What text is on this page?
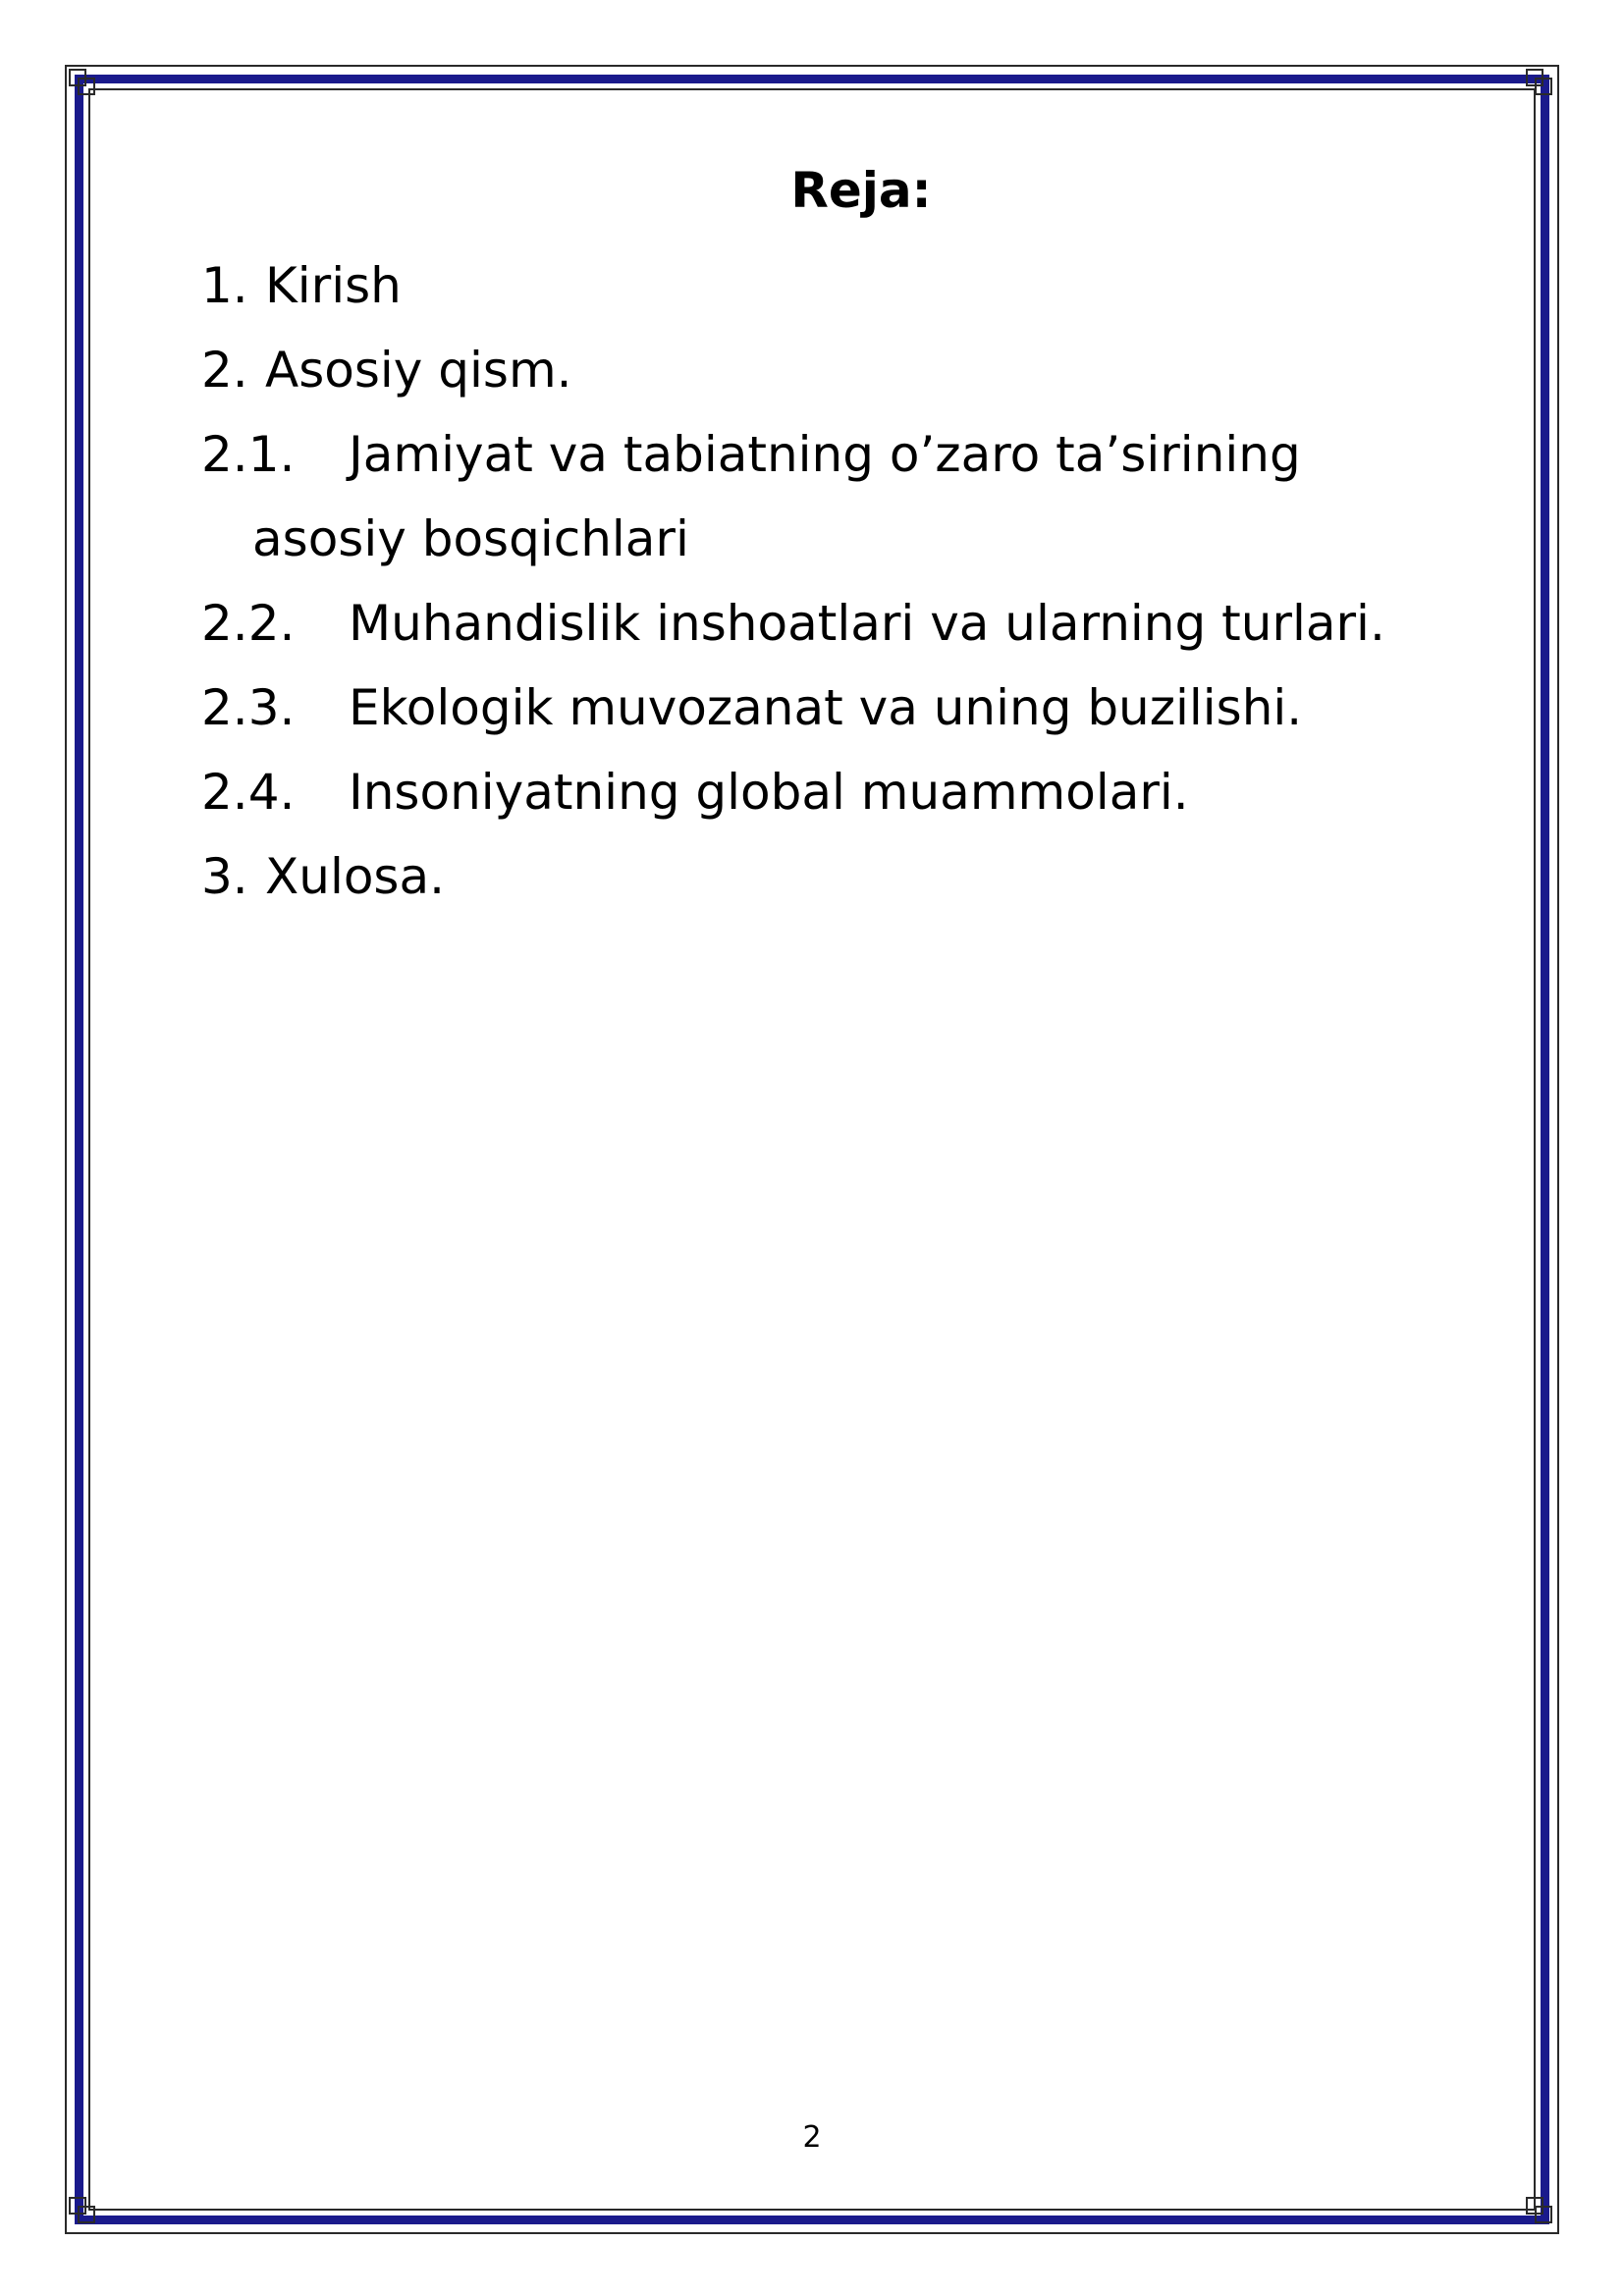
Reja:
1. Kirish
2. Asosiy qism.
2.1.	Jamiyat va tabiatning o’zaro ta’sirining
asosiy bosqichlari
2.2.	Muhandislik inshoatlari va ularning turlari.
2.3.	Ekologik muvozanat va uning buzilishi.
2.4.	Insoniyatning global muammolari.
3. Xulosa.
2
